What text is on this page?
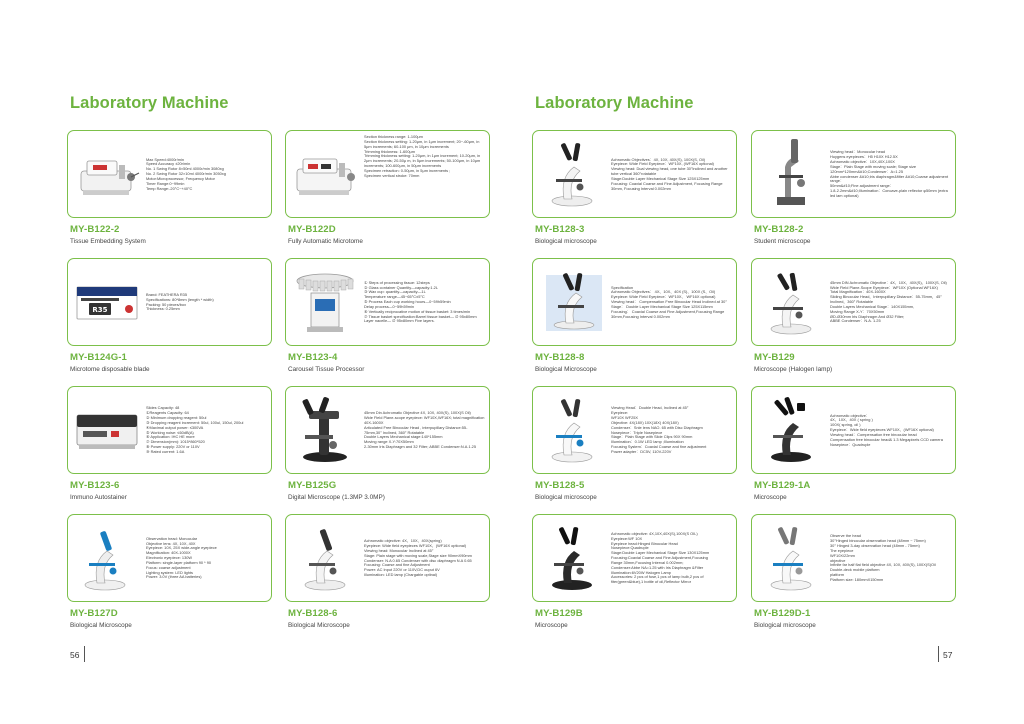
Laboratory Machine
Max Speed:4000r/min
Speed Accuracy ±20r/min
No. 1 Swing Rotor 8×50ml 4000r/min 3080xg
No. 2 Swing Rotor 32×10ml 4000r/min 3050xg
Motor:Microprocessor, Frequency Motor
Timer Range:0~99min
Temp Range:-20°C~+40°C
MY-B122-2
Tissue Embedding System
Section thickness range: 1-100μm
Section thickness setting: 1-20μm, in 1μm increment; 20~-60μm, in 5μm increments; 60-100 μm, in 10μm increments
Trimming thickness: 1-600μm
Trimming thickness setting: 1-20μm, in 1μm increment; 10-20μm, in 2μm increments; 20-50μ m, in 5μm increments; 50-100μm, in 10μm increments; 100-600μm, in 50μm increments
Specimen retraction: 0-50μm, in 5μm increments ;
Specimen vertical stroke: 70mm
MY-B122D
Fully Automatic Microtome
R35
Brand: FEATHERA R35
Specifications: 80*8mm (length * width)
Packing: 50 pieces/box
Thickness: 0.25mm
MY-B124G-1
Microtome disposable blade
① Steps of processing tissue: 12steps
② Glass container Quantity—capacity:1.2L
③ Wax cup: quantity—capacity—1L
Temperature range—45~65°C±5°C
⑤ Process Each cup working hours—0~59h59min
Delay process—0~59h59min
⑥ Vertically reciprocative motion of tissue basket: 3 times/min
⑦ Tissue basket specification:Barrel tissue basket— ∅ 95x80mm
Layer nacelle— ∅ 95x80mm Five layers.
MY-B123-4
Carousel Tissue Processor
Slides Capacity: 48
①Reagents Capacity: 64
② Minimum dropping reagent: 50ul
③ Dropping reagent increment: 50ul, 100ul, 150ul, 200ul
④Maximal output power: ≤300VA
⑤ Working noise: ≤60dB(A)
⑥ Application: IHC HE more
⑦ Dimension(mm): 1015*860*520
⑧ Power supply: 220V or 110V
⑨ Rated current: 1.6A
MY-B123-6
Immuno Autostainer
45mm Din Achromatic Objective 4X, 10X, 40X(S), 100X(S Oil)
Wide Field Plane-scope eyepiece: WF10X,WF16X; total magnification 40X-1600X
Articulated Free Binocular Head , interpupillary Distance:55-75mm,30° Inclined, 360° Rotatable
Double Layers Mechanical stage:140*155mm
Moving range X-Y:70X50mm
2-30mm Iris Diaphragm and 32 Filter; ABBE Condenser:N.A.1.25
MY-B125G
Digital Microscope (1.3MP 3.0MP)
Observation head: Monocular
Objective lens: 4X, 10X, 40X
Eyepiece: 10X, 25X wide-angle eyepiece
Magnification: 40X-1000X
Electronic eyepiece: 130W
Platform: single-layer platform 90 * 90
Focus: coarse adjustment
Lighting system: LED lights
Power: 3.0V (three AA batteries)
MY-B127D
Biological Microscope
Achromatic objective: 4X、10X、40X(spring)
Eyepiece: Wide field eyepieces WF10X、(WF16X optional)
Viewing head: Monocular Inclined at 45°
Stage: Plain stage with moving scale,Stage size 90mmX90mm
Condenser: N.A 0.65 Condenser with disc diaphragm N.A 0.65
Focusing: Coarse and fine Adjustment
Power: AC Input 220V or 110V,DC ouput 6V
Illumination: LED lamp (Chargable optinal)
MY-B128-6
Biological Microscope
56
Laboratory Machine
Achromatic Objectives：4X, 10X, 40X(S), 100X(S, Oil)
Eyepiece: Wide Field Eyepiece：WF10X, (WF16X optional)
Viewing head: Dual viewing head, one tube 30°inclined and another tube vertical 360°rotatable
Stage:Double Layer Mechanical Stage Size 125X125mm
Focusing: Coaxial Coarse and Fine Adjustment, Focusing Range 30mm, Focusing Interval 0.002mm
MY-B128-3
Biological microscope
Viewing head：Monocular head
Huygens eyepieces：H5 H10X H12.5X
Achromatic objective：10X,40X,100X
Stage：Plain Stage with moving scale; Stage size 120mm*120mm&#10;Condenser：A=1.25
Abbe condenser &#10;Iris diaphragm&filter &#10;Coarse adjustment range：
50mm&#10;Fine adjustment range：
1.8-2.2mm&#10;Illumination：Concave-plain reflector φ50mm (extra led lam optional)
MY-B128-2
Student microscope
Specification
Achromatic Objectives： 4X、10X、40X (S)、100X (S、Oil)
Eyepiece: Wide Field Eyepiece：WF10X、 WF16X optional)
Viewing head： Compensation Free Binocular Head Inclined at 30°
Stage： Double Layer Mechanical Stage Size 125X115mm
Focusing： Coaxial Coarse and Fine Adjustment,Focusing Range 30mm,Focusing Interval 0.002mm
MY-B128-8
Biological Microscope
45mm DIN Achromatic Objective：4X、10X、40X(S)、100X(S, Oil)
Wide Field Plane-Scope Eyepiece：WF10X (Optional WF16X)
Total Magnification：40X-1600X
Sliding Binocular Head，Interpupillary Distance：55-75mm，45° Inclined，360° Rotatable
Double Layers Mechanical Stage：140X155mm,
Moving Range X-Y：70X50mm
ØD-Ø30mm Iris Diaphragm And Ø32 Filter;
ABBE Condenser：N.A. 1.25
MY-B129
Microscope (Halogen lamp)
Viewing Head：Double Head, Inclined at 45°
Eyepiece:
WF10X WF25X
Objective: 4X(18X) 10X(18X) 40X(18X)
Condenser：Snle lens NAO. 65 with Disc Diaphragm
Nosepiece：Triple Nosepiece
Stage：Plain Stage with Slide Clips 90X 90mm
Illumination：0.1W LED lamp ;Illumination
Focusing System：Coaxial Coarse and fine adjustment
Power adapter：DC5V, 110V-220V
MY-B128-5
Biological microscope
Achromatic objective：
4X、10X、40X ( spring )
100X( spring, oil )
Eyepiece：Wide field eyepieces WF10X、(WF16X optional)
Viewing head：Compensation free binocular head
Compensation free binocular head& 1.3 Megapixels CCD camera
Nosepiece：Quadruple
MY-B129-1A
Microscope
Achromatic objective: 4X,10X,40X(S),100X(S OIL)
Eyepiece:WF 10X
Eyepiece head:Hinged Binocular Head
Nosepiece:Quadruple
Stage:Double Layer Mechanical Stage Size 130X125mm
Focusing:Coaxial Coarse and Fine Adjustment,Focusing
Range 30mm,Focusing Interval 0.002mm;
Condenser:Abbe NA=1.25 with Iris Diaphragm &Filter
Illumination:6V20W Halogen Lamp
Accessories: 2 pcs of fuse,1 pcs of lamp bulb,2 pcs of fiter(green&blue),1 bottle of oil,Reflector Mirror
MY-B129B
Microscope
Observe the head
30°Hinged binocular observation head (48mm ~ 75mm)
30° Hinged 3-day observation head (48mm - 75mm)
The eyepiece
WF10X/22mm
objective
Infinite far half flat field objective 4X, 10X, 40X(S), 100X(S)Oil
Double-deck mobile platform
platform
Platform size: 180mmX150mm
MY-B129D-1
Biological microscope
57
